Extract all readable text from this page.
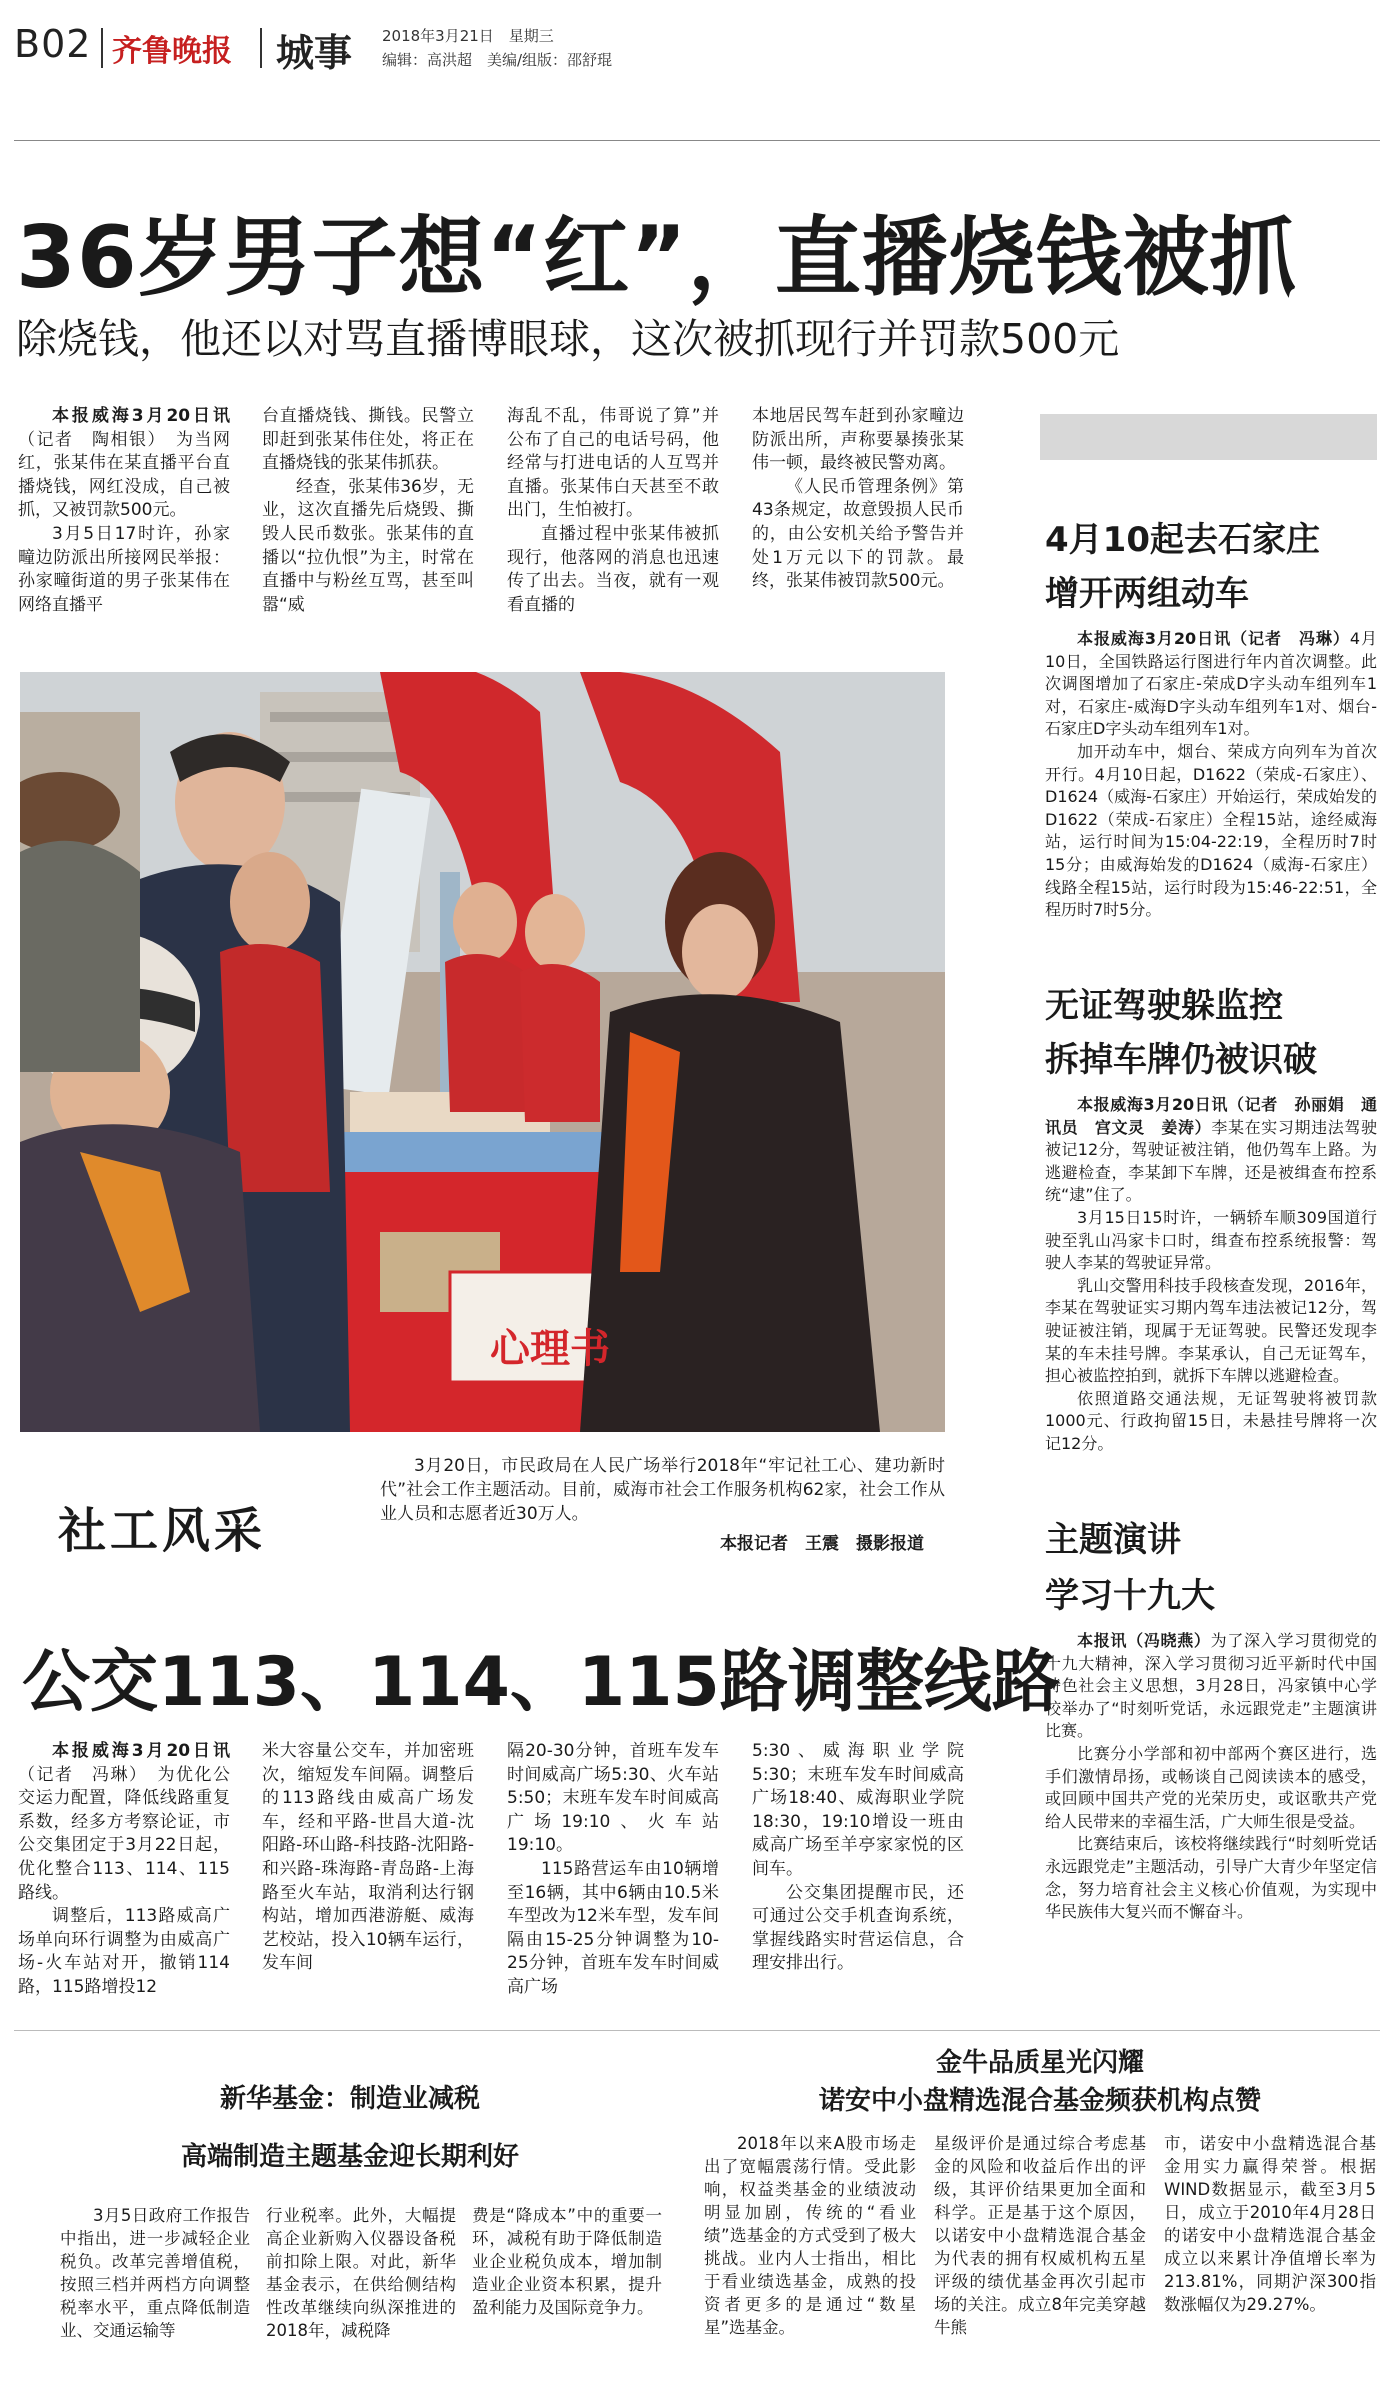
B02 齐鲁晚报 城事 2018年3月21日　星期三
编辑：高洪超　美编/组版：邵舒琨
36岁男子想“红”，直播烧钱被抓
除烧钱，他还以对骂直播博眼球，这次被抓现行并罚款500元

本报威海3月20日讯（记者　陶相银）　为当网红，张某伟在某直播平台直播烧钱，网红没成，自己被抓，又被罚款500元。

3月5日17时许，孙家疃边防派出所接网民举报：孙家疃街道的男子张某伟在网络直播平

台直播烧钱、撕钱。民警立即赶到张某伟住处，将正在直播烧钱的张某伟抓获。

经查，张某伟36岁，无业，这次直播先后烧毁、撕毁人民币数张。张某伟的直播以“拉仇恨”为主，时常在直播中与粉丝互骂，甚至叫嚣“威

海乱不乱，伟哥说了算”并公布了自己的电话号码，他经常与打进电话的人互骂并直播。张某伟白天甚至不敢出门，生怕被打。

直播过程中张某伟被抓现行，他落网的消息也迅速传了出去。当夜，就有一观看直播的

本地居民驾车赶到孙家疃边防派出所，声称要暴揍张某伟一顿，最终被民警劝离。

《人民币管理条例》第43条规定，故意毁损人民币的，由公安机关给予警告并处1万元以下的罚款。最终，张某伟被罚款500元。

心理书
3月20日，市民政局在人民广场举行2018年“牢记社工心、建功新时代”社会工作主题活动。目前，威海市社会工作服务机构62家，社会工作从业人员和志愿者近30万人。
本报记者　王震　摄影报道
社工风采
公交113、114、115路调整线路

本报威海3月20日讯（记者　冯琳）　为优化公交运力配置，降低线路重复系数，经多方考察论证，市公交集团定于3月22日起，优化整合113、114、115路线。

调整后，113路威高广场单向环行调整为由威高广场-火车站对开，撤销114路，115路增投12

米大容量公交车，并加密班次，缩短发车间隔。调整后的113路线由威高广场发车，经和平路-世昌大道-沈阳路-环山路-科技路-沈阳路-和兴路-珠海路-青岛路-上海路至火车站，取消利达行钢构站，增加西港游艇、威海艺校站，投入10辆车运行，发车间

隔20-30分钟，首班车发车时间威高广场5:30、火车站5:50；末班车发车时间威高广场19:10、火车站19:10。

115路营运车由10辆增至16辆，其中6辆由10.5米车型改为12米车型，发车间隔由15-25分钟调整为10-25分钟，首班车发车时间威高广场

5:30、威海职业学院5:30；末班车发车时间威高广场18:40、威海职业学院18:30，19:10增设一班由威高广场至羊亭家家悦的区间车。

公交集团提醒市民，还可通过公交手机查询系统，掌握线路实时营运信息，合理安排出行。

4月10起去石家庄
增开两组动车

本报威海3月20日讯（记者　冯琳）4月10日，全国铁路运行图进行年内首次调整。此次调图增加了石家庄-荣成D字头动车组列车1对，石家庄-威海D字头动车组列车1对、烟台-石家庄D字头动车组列车1对。

加开动车中，烟台、荣成方向列车为首次开行。4月10日起，D1622（荣成-石家庄）、D1624（威海-石家庄）开始运行，荣成始发的D1622（荣成-石家庄）全程15站，途经威海站，运行时间为15:04-22:19，全程历时7时15分；由威海始发的D1624（威海-石家庄）线路全程15站，运行时段为15:46-22:51，全程历时7时5分。

无证驾驶躲监控
拆掉车牌仍被识破

本报威海3月20日讯（记者　孙丽娟　通讯员　宫文灵　姜涛）李某在实习期违法驾驶被记12分，驾驶证被注销，他仍驾车上路。为逃避检查，李某卸下车牌，还是被缉查布控系统“逮”住了。

3月15日15时许，一辆轿车顺309国道行驶至乳山冯家卡口时，缉查布控系统报警：驾驶人李某的驾驶证异常。

乳山交警用科技手段核查发现，2016年，李某在驾驶证实习期内驾车违法被记12分，驾驶证被注销，现属于无证驾驶。民警还发现李某的车未挂号牌。李某承认，自己无证驾车，担心被监控拍到，就拆下车牌以逃避检查。

依照道路交通法规，无证驾驶将被罚款1000元、行政拘留15日，未悬挂号牌将一次记12分。

主题演讲
学习十九大

本报讯（冯晓燕）为了深入学习贯彻党的十九大精神，深入学习贯彻习近平新时代中国特色社会主义思想，3月28日，冯家镇中心学校举办了“时刻听党话，永远跟党走”主题演讲比赛。

比赛分小学部和初中部两个赛区进行，选手们激情昂扬，或畅谈自己阅读读本的感受，或回顾中国共产党的光荣历史，或讴歌共产党给人民带来的幸福生活，广大师生很是受益。

比赛结束后，该校将继续践行“时刻听党话　永远跟党走”主题活动，引导广大青少年坚定信念，努力培育社会主义核心价值观，为实现中华民族伟大复兴而不懈奋斗。

新华基金：制造业减税
高端制造主题基金迎长期利好
3月5日政府工作报告中指出，进一步减轻企业税负。改革完善增值税，按照三档并两档方向调整税率水平，重点降低制造业、交通运输等
行业税率。此外，大幅提高企业新购入仪器设备税前扣除上限。对此，新华基金表示，在供给侧结构性改革继续向纵深推进的2018年，减税降
费是“降成本”中的重要一环，减税有助于降低制造业企业税负成本，增加制造业企业资本积累，提升盈利能力及国际竞争力。
金牛品质星光闪耀
诺安中小盘精选混合基金频获机构点赞
2018年以来A股市场走出了宽幅震荡行情。受此影响，权益类基金的业绩波动明显加剧，传统的“看业绩”选基金的方式受到了极大挑战。业内人士指出，相比于看业绩选基金，成熟的投资者更多的是通过“数星星”选基金。
星级评价是通过综合考虑基金的风险和收益后作出的评级，其评价结果更加全面和科学。正是基于这个原因，以诺安中小盘精选混合基金为代表的拥有权威机构五星评级的绩优基金再次引起市场的关注。成立8年完美穿越牛熊
市，诺安中小盘精选混合基金用实力赢得荣誉。根据WIND数据显示，截至3月5日，成立于2010年4月28日的诺安中小盘精选混合基金成立以来累计净值增长率为213.81%，同期沪深300指数涨幅仅为29.27%。
